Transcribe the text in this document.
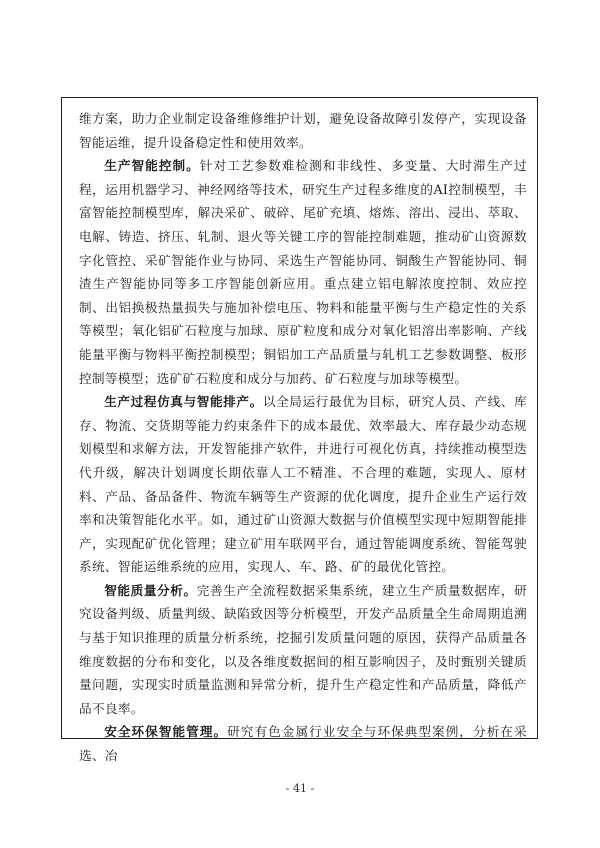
维方案，助力企业制定设备维修维护计划，避免设备故障引发停产，实现设备智能运维，提升设备稳定性和使用效率。

生产智能控制。针对工艺参数难检测和非线性、多变量、大时滞生产过程，运用机器学习、神经网络等技术，研究生产过程多维度的AI控制模型，丰富智能控制模型库，解决采矿、破碎、尾矿充填、熔炼、溶出、浸出、萃取、电解、铸造、挤压、轧制、退火等关键工序的智能控制难题，推动矿山资源数字化管控、采矿智能作业与协同、采选生产智能协同、铜酸生产智能协同、铜渣生产智能协同等多工序智能创新应用。重点建立铝电解浓度控制、效应控制、出铝换极热量损失与施加补偿电压、物料和能量平衡与生产稳定性的关系等模型；氧化铝矿石粒度与加球、原矿粒度和成分对氧化铝溶出率影响、产线能量平衡与物料平衡控制模型；铜铝加工产品质量与轧机工艺参数调整、板形控制等模型；选矿矿石粒度和成分与加药、矿石粒度与加球等模型。

生产过程仿真与智能排产。以全局运行最优为目标，研究人员、产线、库存、物流、交货期等能力约束条件下的成本最优、效率最大、库存最少动态规划模型和求解方法，开发智能排产软件，并进行可视化仿真，持续推动模型迭代升级，解决计划调度长期依靠人工不精准、不合理的难题，实现人、原材料、产品、备品备件、物流车辆等生产资源的优化调度，提升企业生产运行效率和决策智能化水平。如，通过矿山资源大数据与价值模型实现中短期智能排产，实现配矿优化管理；建立矿用车联网平台，通过智能调度系统、智能驾驶系统、智能运维系统的应用，实现人、车、路、矿的最优化管控。

智能质量分析。完善生产全流程数据采集系统，建立生产质量数据库，研究设备判级、质量判级、缺陷致因等分析模型，开发产品质量全生命周期追溯与基于知识推理的质量分析系统，挖掘引发质量问题的原因，获得产品质量各维度数据的分布和变化，以及各维度数据间的相互影响因子，及时甄别关键质量问题，实现实时质量监测和异常分析，提升生产稳定性和产品质量，降低产品不良率。

安全环保智能管理。研究有色金属行业安全与环保典型案例，分析在采选、冶

- 41 -
